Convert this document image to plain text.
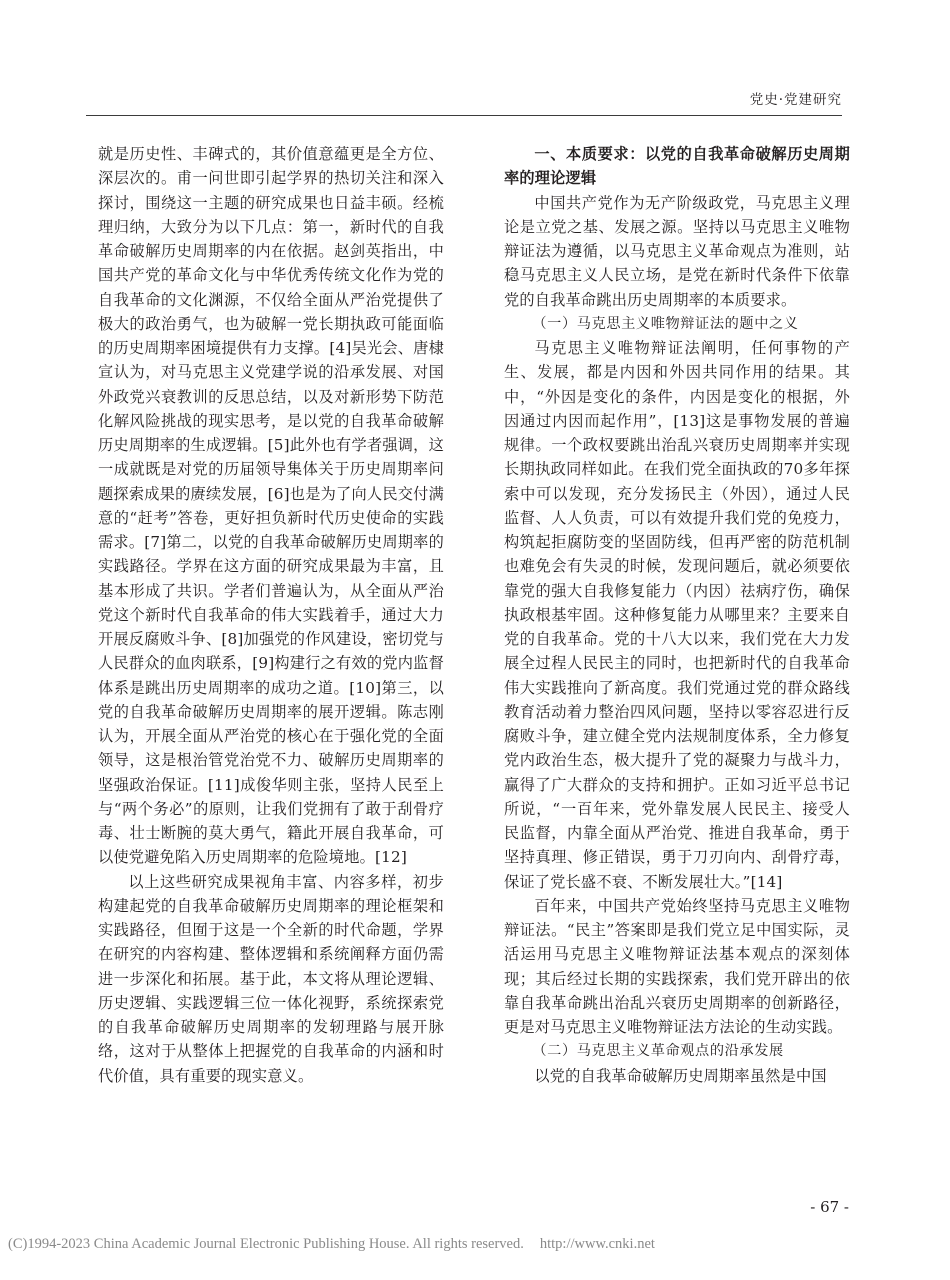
党史·党建研究

就是历史性、丰碑式的，其价值意蕴更是全方位、深层次的。甫一问世即引起学界的热切关注和深入探讨，围绕这一主题的研究成果也日益丰硕。经梳理归纳，大致分为以下几点：第一，新时代的自我革命破解历史周期率的内在依据。赵剑英指出，中国共产党的革命文化与中华优秀传统文化作为党的自我革命的文化渊源，不仅给全面从严治党提供了极大的政治勇气，也为破解一党长期执政可能面临的历史周期率困境提供有力支撑。[4]吴光会、唐棣宣认为，对马克思主义党建学说的沿承发展、对国外政党兴衰教训的反思总结，以及对新形势下防范化解风险挑战的现实思考，是以党的自我革命破解历史周期率的生成逻辑。[5]此外也有学者强调，这一成就既是对党的历届领导集体关于历史周期率问题探索成果的赓续发展，[6]也是为了向人民交付满意的“赶考”答卷，更好担负新时代历史使命的实践需求。[7]第二，以党的自我革命破解历史周期率的实践路径。学界在这方面的研究成果最为丰富，且基本形成了共识。学者们普遍认为，从全面从严治党这个新时代自我革命的伟大实践着手，通过大力开展反腐败斗争、[8]加强党的作风建设，密切党与人民群众的血肉联系，[9]构建行之有效的党内监督体系是跳出历史周期率的成功之道。[10]第三，以党的自我革命破解历史周期率的展开逻辑。陈志刚认为，开展全面从严治党的核心在于强化党的全面领导，这是根治管党治党不力、破解历史周期率的坚强政治保证。[11]成俊华则主张，坚持人民至上与“两个务必”的原则，让我们党拥有了敢于刮骨疗毒、壮士断腕的莫大勇气，籍此开展自我革命，可以使党避免陷入历史周期率的危险境地。[12]

以上这些研究成果视角丰富、内容多样，初步构建起党的自我革命破解历史周期率的理论框架和实践路径，但囿于这是一个全新的时代命题，学界在研究的内容构建、整体逻辑和系统阐释方面仍需进一步深化和拓展。基于此，本文将从理论逻辑、历史逻辑、实践逻辑三位一体化视野，系统探索党的自我革命破解历史周期率的发轫理路与展开脉络，这对于从整体上把握党的自我革命的内涵和时代价值，具有重要的现实意义。

一、本质要求：以党的自我革命破解历史周期率的理论逻辑

中国共产党作为无产阶级政党，马克思主义理论是立党之基、发展之源。坚持以马克思主义唯物辩证法为遵循，以马克思主义革命观点为准则，站稳马克思主义人民立场，是党在新时代条件下依靠党的自我革命跳出历史周期率的本质要求。

（一）马克思主义唯物辩证法的题中之义

马克思主义唯物辩证法阐明，任何事物的产生、发展，都是内因和外因共同作用的结果。其中，“外因是变化的条件，内因是变化的根据，外因通过内因而起作用”，[13]这是事物发展的普遍规律。一个政权要跳出治乱兴衰历史周期率并实现长期执政同样如此。在我们党全面执政的70多年探索中可以发现，充分发扬民主（外因），通过人民监督、人人负责，可以有效提升我们党的免疫力，构筑起拒腐防变的坚固防线，但再严密的防范机制也难免会有失灵的时候，发现问题后，就必须要依靠党的强大自我修复能力（内因）祛病疗伤，确保执政根基牢固。这种修复能力从哪里来？主要来自党的自我革命。党的十八大以来，我们党在大力发展全过程人民民主的同时，也把新时代的自我革命伟大实践推向了新高度。我们党通过党的群众路线教育活动着力整治四风问题，坚持以零容忍进行反腐败斗争，建立健全党内法规制度体系，全力修复党内政治生态，极大提升了党的凝聚力与战斗力，赢得了广大群众的支持和拥护。正如习近平总书记所说，“一百年来，党外靠发展人民民主、接受人民监督，内靠全面从严治党、推进自我革命，勇于坚持真理、修正错误，勇于刀刃向内、刮骨疗毒，保证了党长盛不衰、不断发展壮大。”[14]

百年来，中国共产党始终坚持马克思主义唯物辩证法。“民主”答案即是我们党立足中国实际，灵活运用马克思主义唯物辩证法基本观点的深刻体现；其后经过长期的实践探索，我们党开辟出的依靠自我革命跳出治乱兴衰历史周期率的创新路径，更是对马克思主义唯物辩证法方法论的生动实践。

（二）马克思主义革命观点的沿承发展

以党的自我革命破解历史周期率虽然是中国

- 67 -
(C)1994-2023 China Academic Journal Electronic Publishing House. All rights reserved. http://www.cnki.net
